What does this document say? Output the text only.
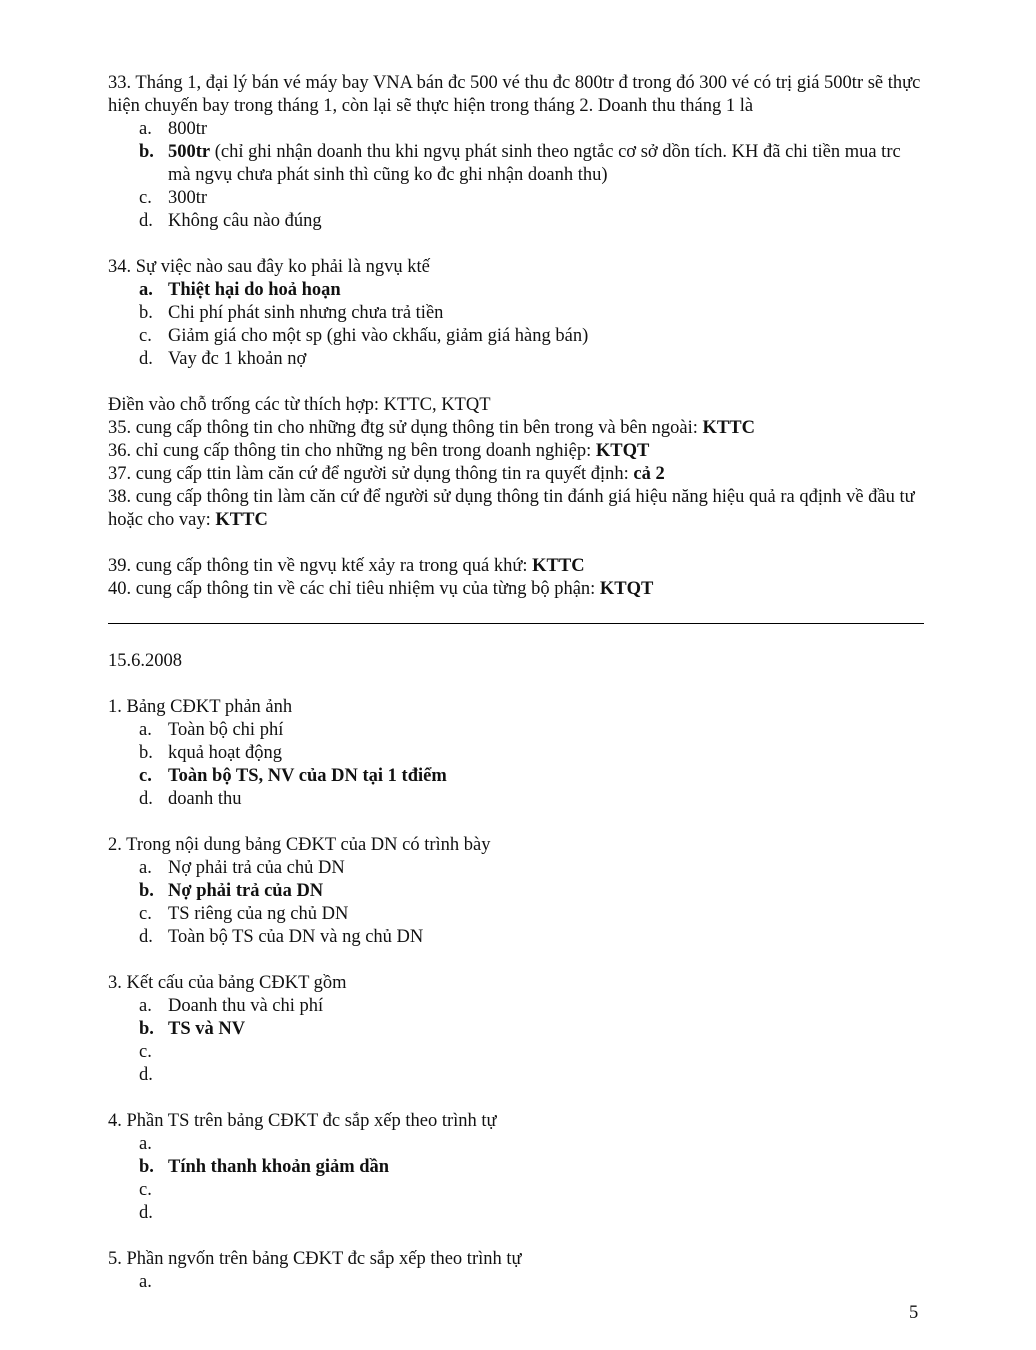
33. Tháng 1, đại lý bán vé máy bay VNA bán đc 500 vé thu đc 800tr đ trong đó 300 vé có trị giá 500tr sẽ thực hiện chuyến bay trong tháng 1, còn lại sẽ thực hiện trong tháng 2. Doanh thu tháng 1 là
a. 800tr
b. 500tr (chỉ ghi nhận doanh thu khi ngvụ phát sinh theo ngtắc cơ sở dồn tích. KH đã chi tiền mua trc mà ngvụ chưa phát sinh thì cũng ko đc ghi nhận doanh thu)
c. 300tr
d. Không câu nào đúng
34. Sự việc nào sau đây ko phải là ngvụ ktế
a. Thiệt hại do hoả hoạn
b. Chi phí phát sinh nhưng chưa trả tiền
c. Giảm giá cho một sp (ghi vào ckhấu, giảm giá hàng bán)
d. Vay đc 1 khoản nợ
Điền vào chỗ trống các từ thích hợp: KTTC, KTQT
35. cung cấp thông tin cho những đtg sử dụng thông tin bên trong và bên ngoài: KTTC
36. chỉ cung cấp thông tin cho những ng bên trong doanh nghiệp: KTQT
37. cung cấp ttin làm căn cứ để người sử dụng thông tin ra quyết định: cả 2
38. cung cấp thông tin làm căn cứ để người sử dụng thông tin đánh giá hiệu năng hiệu quả ra qđịnh về đầu tư hoặc cho vay: KTTC
39. cung cấp thông tin về ngvụ ktế xảy ra trong quá khứ: KTTC
40. cung cấp thông tin về các chỉ tiêu nhiệm vụ của từng bộ phận: KTQT
15.6.2008
1. Bảng CĐKT phản ảnh
a. Toàn bộ chi phí
b. kquả hoạt động
c. Toàn bộ TS, NV của DN tại 1 tđiểm
d. doanh thu
2. Trong nội dung bảng CĐKT của DN có trình bày
a. Nợ phải trả của chủ DN
b. Nợ phải trả của DN
c. TS riêng của ng chủ DN
d. Toàn bộ TS của DN và ng chủ DN
3. Kết cấu của bảng CĐKT gồm
a. Doanh thu và chi phí
b. TS và NV
c.
d.
4. Phần TS trên bảng CĐKT đc sắp xếp theo trình tự
a.
b. Tính thanh khoản giảm dần
c.
d.
5. Phần ngvốn trên bảng CĐKT đc sắp xếp theo trình tự
a.
5
